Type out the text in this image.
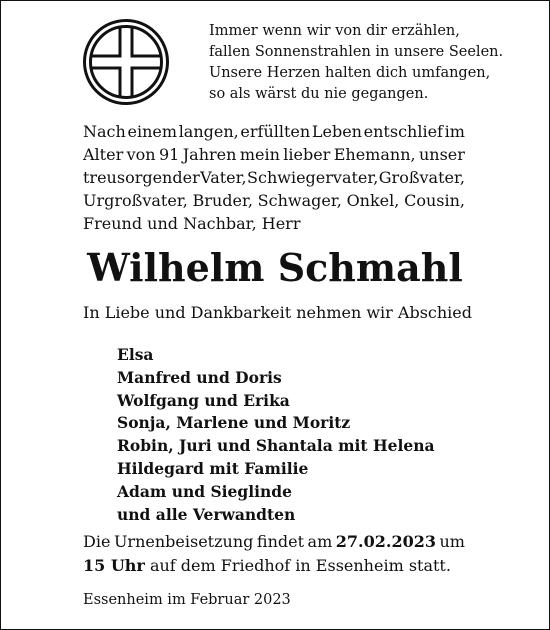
Immer wenn wir von dir erzählen,
fallen Sonnenstrahlen in unsere Seelen.
Unsere Herzen halten dich umfangen,
so als wärst du nie gegangen.
Nach einem langen, erfüllten Leben entschlief im
Alter von 91 Jahren mein lieber Ehemann, unser
treusorgender Vater, Schwiegervater, Großvater,
Urgroßvater, Bruder, Schwager, Onkel, Cousin,
Freund und Nachbar, Herr
Wilhelm Schmahl
In Liebe und Dankbarkeit nehmen wir Abschied
Elsa
Manfred und Doris
Wolfgang und Erika
Sonja, Marlene und Moritz
Robin, Juri und Shantala mit Helena
Hildegard mit Familie
Adam und Sieglinde
und alle Verwandten
Die Urnenbeisetzung findet am 27.02.2023 um
15 Uhr auf dem Friedhof in Essenheim statt.
Essenheim im Februar 2023
